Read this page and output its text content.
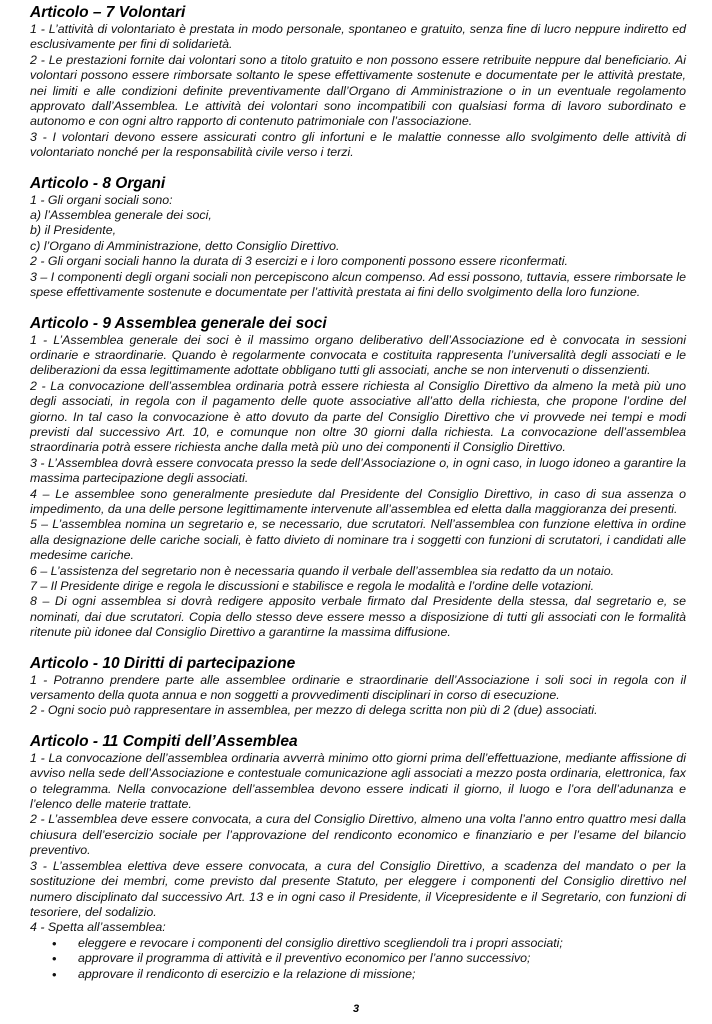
Articolo – 7 Volontari

1 - L’attività di volontariato è prestata in modo personale, spontaneo e gratuito, senza fine di lucro neppure indiretto ed esclusivamente per fini di solidarietà.

2 - Le prestazioni fornite dai volontari sono a titolo gratuito e non possono essere retribuite neppure dal beneficiario. Ai volontari possono essere rimborsate soltanto le spese effettivamente sostenute e documentate per le attività prestate, nei limiti e alle condizioni definite preventivamente dall’Organo di Amministrazione o in un eventuale regolamento approvato dall’Assemblea. Le attività dei volontari sono incompatibili con qualsiasi forma di lavoro subordinato e autonomo e con ogni altro rapporto di contenuto patrimoniale con l’associazione.

3 - I volontari devono essere assicurati contro gli infortuni e le malattie connesse allo svolgimento delle attività di volontariato nonché per la responsabilità civile verso i terzi.

Articolo - 8 Organi

1 - Gli organi sociali sono:

a) l’Assemblea generale dei soci,

b) il Presidente,

c) l’Organo di Amministrazione, detto Consiglio Direttivo.

2 - Gli organi sociali hanno la durata di 3 esercizi e i loro componenti possono essere riconfermati.

3 – I componenti degli organi sociali non percepiscono alcun compenso. Ad essi possono, tuttavia, essere rimborsate le spese effettivamente sostenute e documentate per l’attività prestata ai fini dello svolgimento della loro funzione.

Articolo - 9 Assemblea generale dei soci

1 - L’Assemblea generale dei soci è il massimo organo deliberativo dell’Associazione ed è convocata in sessioni ordinarie e straordinarie. Quando è regolarmente convocata e costituita rappresenta l’universalità degli associati e le deliberazioni da essa legittimamente adottate obbligano tutti gli associati, anche se non intervenuti o dissenzienti.

2 - La convocazione dell’assemblea ordinaria potrà essere richiesta al Consiglio Direttivo da almeno la metà più uno degli associati, in regola con il pagamento delle quote associative all’atto della richiesta, che propone l’ordine del giorno. In tal caso la convocazione è atto dovuto da parte del Consiglio Direttivo che vi provvede nei tempi e modi previsti dal successivo Art. 10, e comunque non oltre 30 giorni dalla richiesta. La convocazione dell’assemblea straordinaria potrà essere richiesta anche dalla metà più uno dei componenti il Consiglio Direttivo.

3 - L’Assemblea dovrà essere convocata presso la sede dell’Associazione o, in ogni caso, in luogo idoneo a garantire la massima partecipazione degli associati.

4 – Le assemblee sono generalmente presiedute dal Presidente del Consiglio Direttivo, in caso di sua assenza o impedimento, da una delle persone legittimamente intervenute all’assemblea ed eletta dalla maggioranza dei presenti.

5 – L’assemblea nomina un segretario e, se necessario, due scrutatori. Nell’assemblea con funzione elettiva in ordine alla designazione delle cariche sociali, è fatto divieto di nominare tra i soggetti con funzioni di scrutatori, i candidati alle medesime cariche.

6 – L’assistenza del segretario non è necessaria quando il verbale dell’assemblea sia redatto da un notaio.

7 – Il Presidente dirige e regola le discussioni e stabilisce e regola le modalità e l’ordine delle votazioni.

8 – Di ogni assemblea si dovrà redigere apposito verbale firmato dal Presidente della stessa, dal segretario e, se nominati, dai due scrutatori. Copia dello stesso deve essere messo a disposizione di tutti gli associati con le formalità ritenute più idonee dal Consiglio Direttivo a garantirne la massima diffusione.

Articolo - 10 Diritti di partecipazione

1 - Potranno prendere parte alle assemblee ordinarie e straordinarie dell’Associazione i soli soci in regola con il versamento della quota annua e non soggetti a provvedimenti disciplinari in corso di esecuzione.

2 - Ogni socio può rappresentare in assemblea, per mezzo di delega scritta non più di 2 (due) associati.

Articolo - 11 Compiti dell’Assemblea

1 - La convocazione dell’assemblea ordinaria avverrà minimo otto giorni prima dell’effettuazione, mediante affissione di avviso nella sede dell’Associazione e contestuale comunicazione agli associati a mezzo posta ordinaria, elettronica, fax o telegramma. Nella convocazione dell’assemblea devono essere indicati il giorno, il luogo e l’ora dell’adunanza e l’elenco delle materie trattate.

2 - L’assemblea deve essere convocata, a cura del Consiglio Direttivo, almeno una volta l’anno entro quattro mesi dalla chiusura dell’esercizio sociale per l’approvazione del rendiconto economico e finanziario e per l’esame del bilancio preventivo.

3 - L’assemblea elettiva deve essere convocata, a cura del Consiglio Direttivo, a scadenza del mandato o per la sostituzione dei membri, come previsto dal presente Statuto, per eleggere i componenti del Consiglio direttivo nel numero disciplinato dal successivo Art. 13 e in ogni caso il Presidente, il Vicepresidente e il Segretario, con funzioni di tesoriere, del sodalizio.

4 - Spetta all’assemblea:

• eleggere e revocare i componenti del consiglio direttivo scegliendoli tra i propri associati;
• approvare il programma di attività e il preventivo economico per l’anno successivo;
• approvare il rendiconto di esercizio e la relazione di missione;
3
